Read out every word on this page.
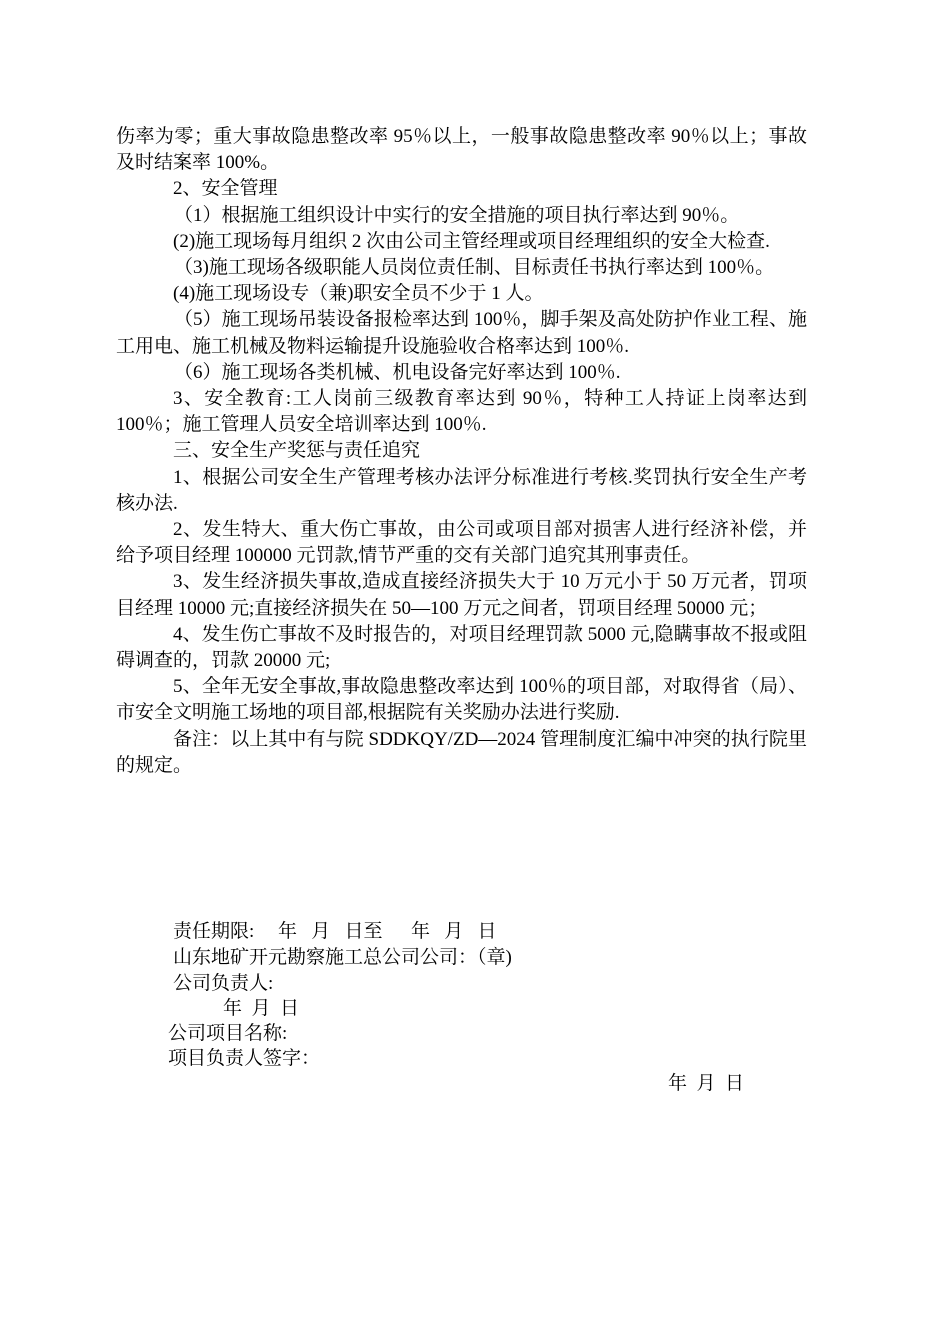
伤率为零；重大事故隐患整改率 95％以上，一般事故隐患整改率 90％以上；事故及时结案率 100%。

2、安全管理

（1）根据施工组织设计中实行的安全措施的项目执行率达到 90％。

(2)施工现场每月组织 2 次由公司主管经理或项目经理组织的安全大检查.

（3)施工现场各级职能人员岗位责任制、目标责任书执行率达到 100％。

(4)施工现场设专（兼)职安全员不少于 1 人。

（5）施工现场吊装设备报检率达到 100％，脚手架及高处防护作业工程、施工用电、施工机械及物料运输提升设施验收合格率达到 100％.

（6）施工现场各类机械、机电设备完好率达到 100％.

3、安全教育:工人岗前三级教育率达到 90％，特种工人持证上岗率达到 100％；施工管理人员安全培训率达到 100％.

三、安全生产奖惩与责任追究

1、根据公司安全生产管理考核办法评分标准进行考核.奖罚执行安全生产考核办法.

2、发生特大、重大伤亡事故，由公司或项目部对损害人进行经济补偿，并给予项目经理 100000 元罚款,情节严重的交有关部门追究其刑事责任。

3、发生经济损失事故,造成直接经济损失大于 10 万元小于 50 万元者，罚项目经理 10000 元;直接经济损失在 50—100 万元之间者，罚项目经理 50000 元；

4、发生伤亡事故不及时报告的，对项目经理罚款 5000 元,隐瞒事故不报或阻碍调查的，罚款 20000 元;

5、全年无安全事故,事故隐患整改率达到 100％的项目部，对取得省（局）、市安全文明施工场地的项目部,根据院有关奖励办法进行奖励.

备注：以上其中有与院 SDDKQY/ZD—2024 管理制度汇编中冲突的执行院里的规定。

责任期限:     年   月   日至      年   月   日
山东地矿开元勘察施工总公司公司：（章)
公司负责人:
年  月  日
公司项目名称:
项目负责人签字：
年  月  日
